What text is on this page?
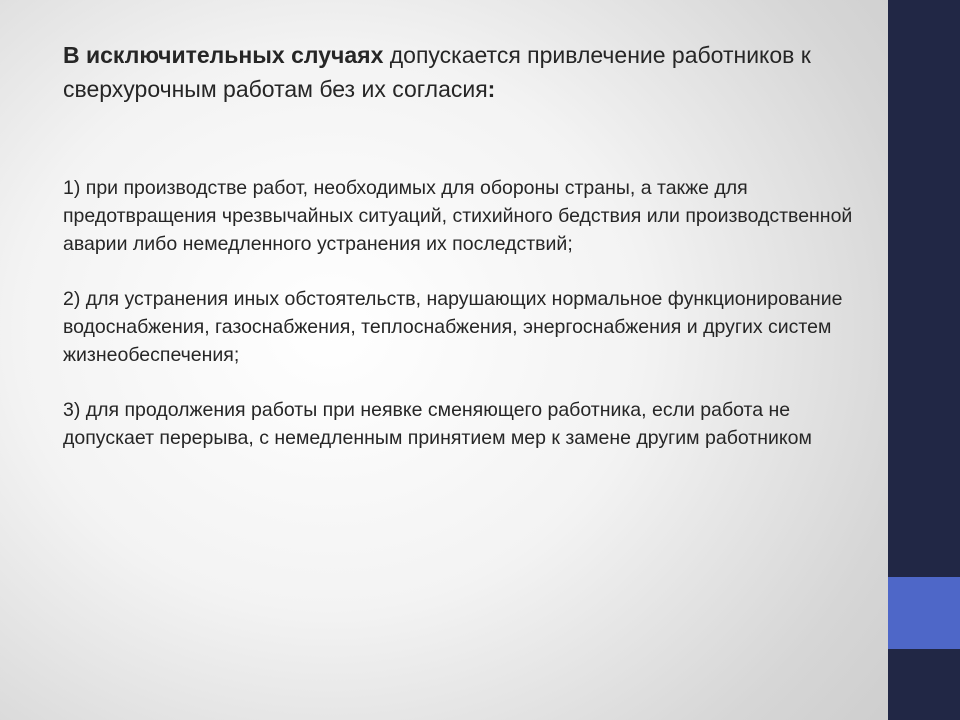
В исключительных случаях допускается привлечение работников к сверхурочным работам без их согласия:

1) при производстве работ, необходимых для обороны страны, а также для предотвращения чрезвычайных ситуаций, стихийного бедствия или производственной аварии либо немедленного устранения их последствий;

2) для устранения иных обстоятельств, нарушающих нормальное функционирование водоснабжения, газоснабжения, теплоснабжения, энергоснабжения и других систем жизнеобеспечения;

3) для продолжения работы при неявке сменяющего работника, если работа не допускает перерыва, с немедленным принятием мер к замене другим работником
